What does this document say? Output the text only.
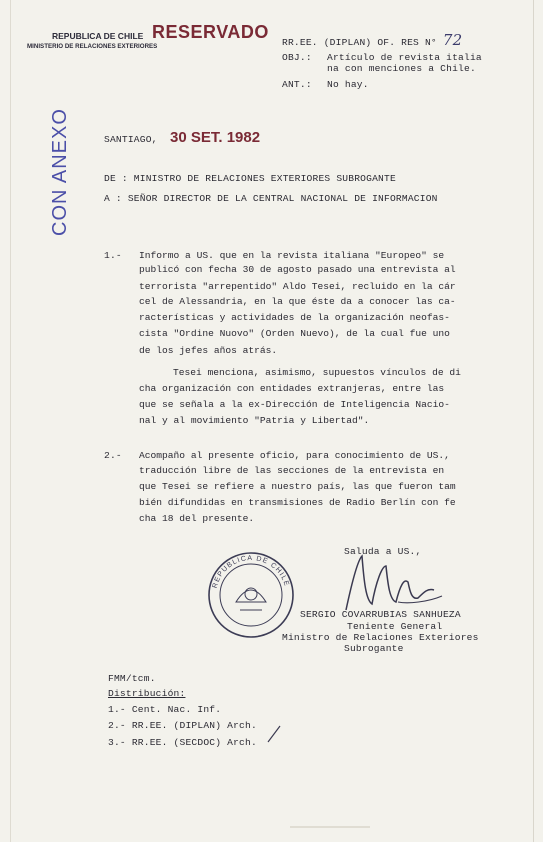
REPUBLICA DE CHILE
MINISTERIO DE RELACIONES EXTERIORES
RESERVADO
CON ANEXO
RR.EE. (DIPLAN) OF. RES N° 72
OBJ.: Artículo de revista italia
na con menciones a Chile.
ANT.: No hay.
SANTIAGO, 30 SET. 1982
DE : MINISTRO DE RELACIONES EXTERIORES SUBROGANTE
A : SEÑOR DIRECTOR DE LA CENTRAL NACIONAL DE INFORMACION
1.- Informo a US. que en la revista italiana "Europeo" se
publicó con fecha 30 de agosto pasado una entrevista al
terrorista "arrepentido" Aldo Tesei, recluido en la cár
cel de Alessandria, en la que éste da a conocer las ca-
racterísticas y actividades de la organización neofas-
cista "Ordine Nuovo" (Orden Nuevo), de la cual fue uno
de los jefes años atrás.
Tesei menciona, asimismo, supuestos vínculos de di
cha organización con entidades extranjeras, entre las
que se señala a la ex-Dirección de Inteligencia Nacio-
nal y al movimiento "Patria y Libertad".
2.- Acompaño al presente oficio, para conocimiento de US.,
traducción libre de las secciones de la entrevista en
que Tesei se refiere a nuestro país, las que fueron tam
bién difundidas en transmisiones de Radio Berlín con fe
cha 18 del presente.
Saluda a US.,
REPUBLICA DE CHILE
SERGIO COVARRUBIAS SANHUEZA
Teniente General
Ministro de Relaciones Exteriores
Subrogante
FMM/tcm.
Distribución:
1.- Cent. Nac. Inf.
2.- RR.EE. (DIPLAN) Arch.
3.- RR.EE. (SECDOC) Arch.
